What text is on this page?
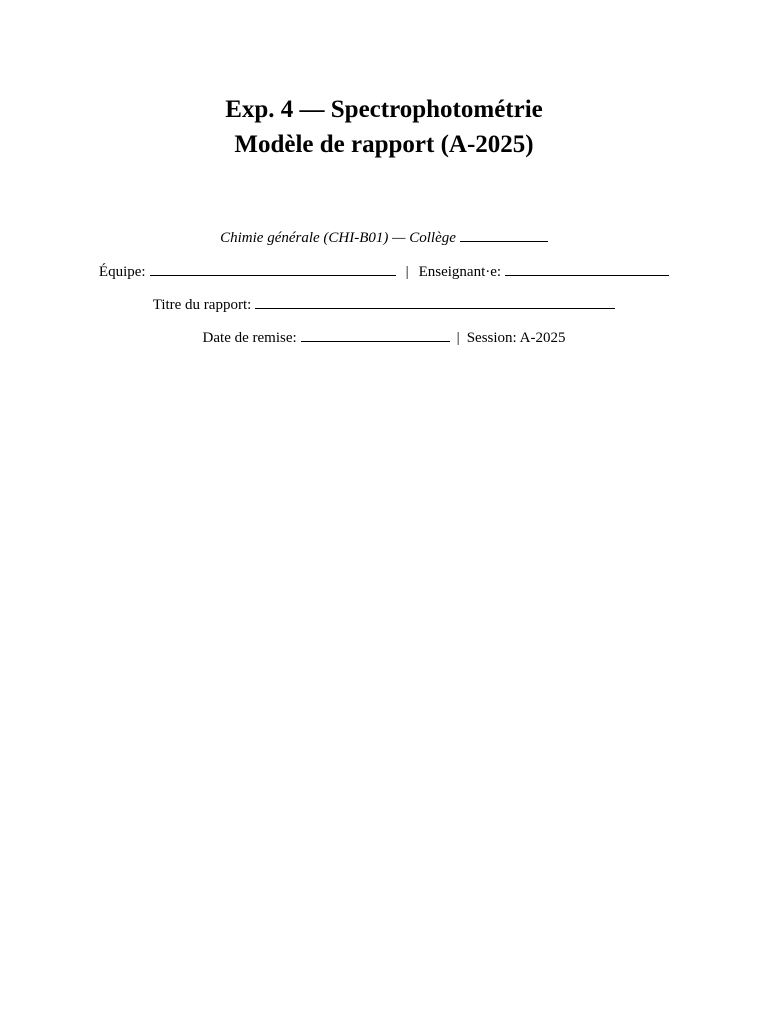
Exp. 4 — Spectrophotométrie

Modèle de rapport (A-2025)

Chimie générale (CHI-B01) — Collège
Équipe:	| Enseignant·e:
Titre du rapport:
Date de remise:	| Session: A-2025
